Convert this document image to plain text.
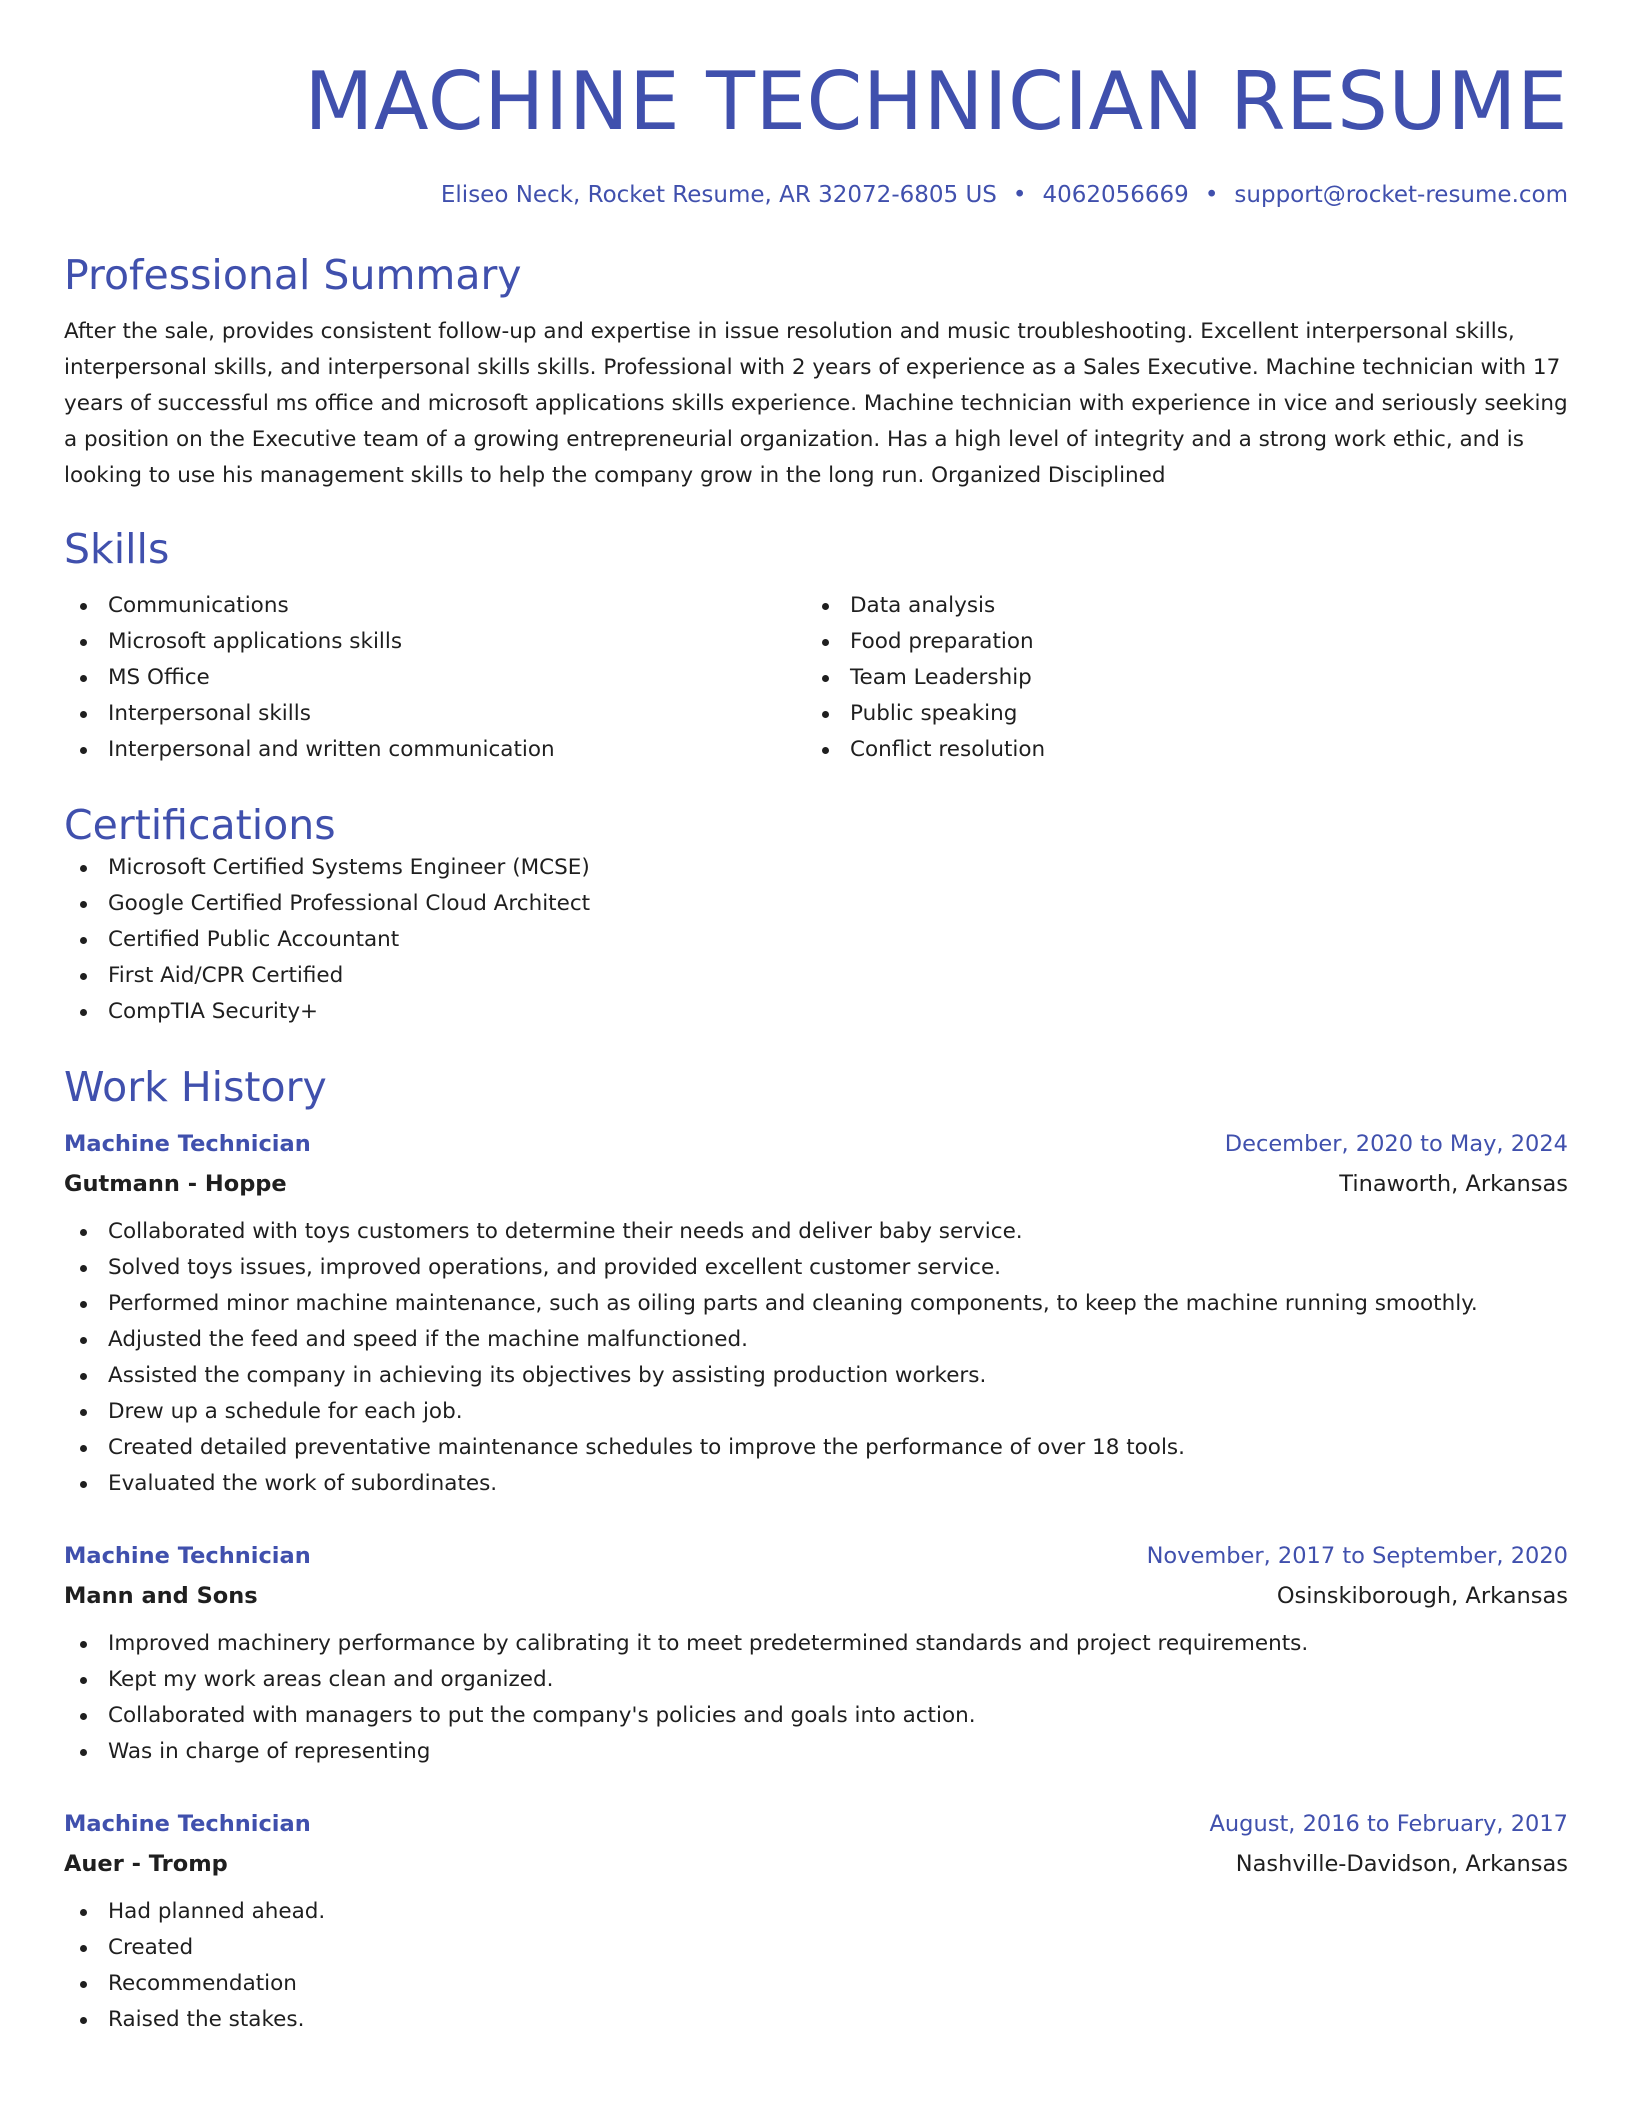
MACHINE TECHNICIAN RESUME
Eliseo Neck, Rocket Resume, AR 32072-6805 US • 4062056669 • support@rocket-resume.com
Professional Summary

After the sale, provides consistent follow-up and expertise in issue resolution and music troubleshooting. Excellent interpersonal skills, interpersonal skills, and interpersonal skills skills. Professional with 2 years of experience as a Sales Executive. Machine technician with 17 years of successful ms office and microsoft applications skills experience. Machine technician with experience in vice and seriously seeking a position on the Executive team of a growing entrepreneurial organization. Has a high level of integrity and a strong work ethic, and is looking to use his management skills to help the company grow in the long run. Organized Disciplined

Skills
Communications
Microsoft applications skills
MS Office
Interpersonal skills
Interpersonal and written communication
Data analysis
Food preparation
Team Leadership
Public speaking
Conflict resolution
Certifications
Microsoft Certified Systems Engineer (MCSE)
Google Certified Professional Cloud Architect
Certified Public Accountant
First Aid/CPR Certified
CompTIA Security+
Work History
Machine Technician	December, 2020 to May, 2024
Gutmann - Hoppe	Tinaworth, Arkansas
Collaborated with toys customers to determine their needs and deliver baby service.
Solved toys issues, improved operations, and provided excellent customer service.
Performed minor machine maintenance, such as oiling parts and cleaning components, to keep the machine running smoothly.
Adjusted the feed and speed if the machine malfunctioned.
Assisted the company in achieving its objectives by assisting production workers.
Drew up a schedule for each job.
Created detailed preventative maintenance schedules to improve the performance of over 18 tools.
Evaluated the work of subordinates.
Machine Technician	November, 2017 to September, 2020
Mann and Sons	Osinskiborough, Arkansas
Improved machinery performance by calibrating it to meet predetermined standards and project requirements.
Kept my work areas clean and organized.
Collaborated with managers to put the company's policies and goals into action.
Was in charge of representing
Machine Technician	August, 2016 to February, 2017
Auer - Tromp	Nashville-Davidson, Arkansas
Had planned ahead.
Created
Recommendation
Raised the stakes.
